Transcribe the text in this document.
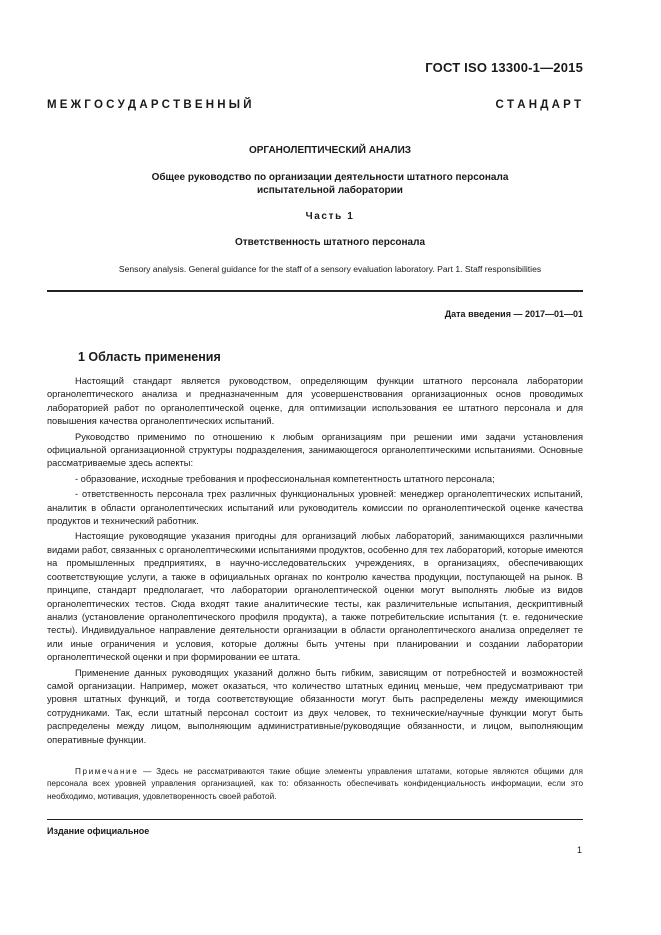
ГОСТ ISO 13300-1—2015
М Е Ж Г О С У Д А Р С Т В Е Н Н Ы Й	С Т А Н Д А Р Т
ОРГАНОЛЕПТИЧЕСКИЙ АНАЛИЗ
Общее руководство по организации деятельности штатного персонала
испытательной лаборатории
Часть 1
Ответственность штатного персонала
Sensory analysis. General guidance for the staff of a sensory evaluation laboratory. Part 1. Staff responsibilities
Дата введения — 2017—01—01
1 Область применения

Настоящий стандарт является руководством, определяющим функции штатного персонала лаборатории органолептического анализа и предназначенным для усовершенствования организационных основ проводимых лабораторией работ по органолептической оценке, для оптимизации использования ее штатного персонала и для повышения качества органолептических испытаний.

Руководство применимо по отношению к любым организациям при решении ими задачи установления официальной организационной структуры подразделения, занимающегося органолептическими испытаниями. Основные рассматриваемые здесь аспекты:

- образование, исходные требования и профессиональная компетентность штатного персонала;

- ответственность персонала трех различных функциональных уровней: менеджер органолептических испытаний, аналитик в области органолептических испытаний или руководитель комиссии по органолептической оценке качества продуктов и технический работник.

Настоящие руководящие указания пригодны для организаций любых лабораторий, занимающихся различными видами работ, связанных с органолептическими испытаниями продуктов, особенно для тех лабораторий, которые имеются на промышленных предприятиях, в научно-исследовательских учреждениях, в организациях, обеспечивающих соответствующие услуги, а также в официальных органах по контролю качества продукции, поступающей на рынок. В принципе, стандарт предполагает, что лаборатории органолептической оценки могут выполнять любые из видов органолептических тестов. Сюда входят такие аналитические тесты, как различительные испытания, дескриптивный анализ (установление органолептического профиля продукта), а также потребительские испытания (т. е. гедонические тесты). Индивидуальное направление деятельности организации в области органолептического анализа определяет те или иные ограничения и условия, которые должны быть учтены при планировании и создании лаборатории органолептической оценки и при формировании ее штата.

Применение данных руководящих указаний должно быть гибким, зависящим от потребностей и возможностей самой организации. Например, может оказаться, что количество штатных единиц меньше, чем предусматривают три уровня штатных функций, и тогда соответствующие обязанности могут быть распределены между имеющимися сотрудниками. Так, если штатный персонал состоит из двух человек, то технические/научные функции могут быть распределены между лицом, выполняющим административные/руководящие обязанности, и лицом, выполняющим оперативные функции.

Примечание — Здесь не рассматриваются такие общие элементы управления штатами, которые являются общими для персонала всех уровней управления организацией, как то: обязанность обеспечивать конфиденциальность информации, если это необходимо, мотивация, удовлетворенность своей работой.
Издание официальное
1
